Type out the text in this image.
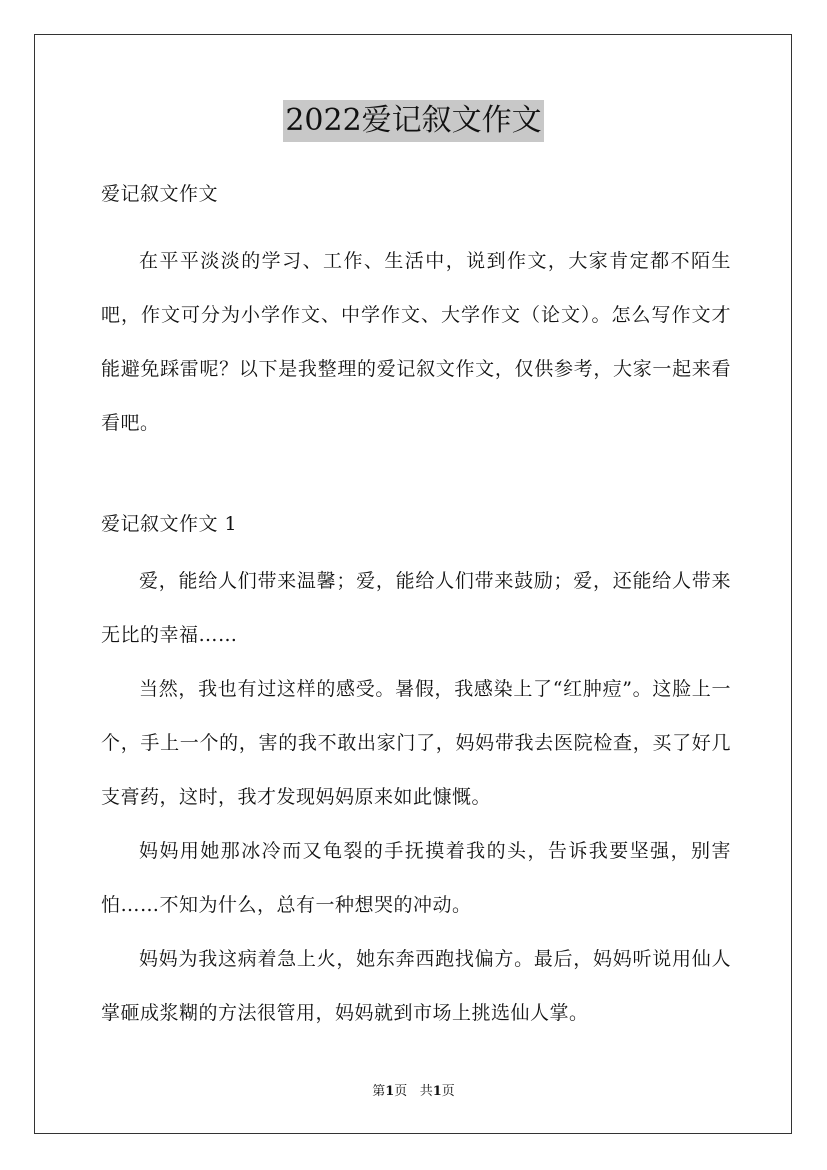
2022爱记叙文作文

爱记叙文作文

在平平淡淡的学习、工作、生活中，说到作文，大家肯定都不陌生吧，作文可分为小学作文、中学作文、大学作文（论文）。怎么写作文才能避免踩雷呢？以下是我整理的爱记叙文作文，仅供参考，大家一起来看看吧。

爱记叙文作文 1

爱，能给人们带来温馨；爱，能给人们带来鼓励；爱，还能给人带来无比的幸福……

当然，我也有过这样的感受。暑假，我感染上了“红肿痘”。这脸上一个，手上一个的，害的我不敢出家门了，妈妈带我去医院检查，买了好几支膏药，这时，我才发现妈妈原来如此慷慨。

妈妈用她那冰冷而又龟裂的手抚摸着我的头，告诉我要坚强，别害怕……不知为什么，总有一种想哭的冲动。

妈妈为我这病着急上火，她东奔西跑找偏方。最后，妈妈听说用仙人掌砸成浆糊的方法很管用，妈妈就到市场上挑选仙人掌。

第1页 共1页
